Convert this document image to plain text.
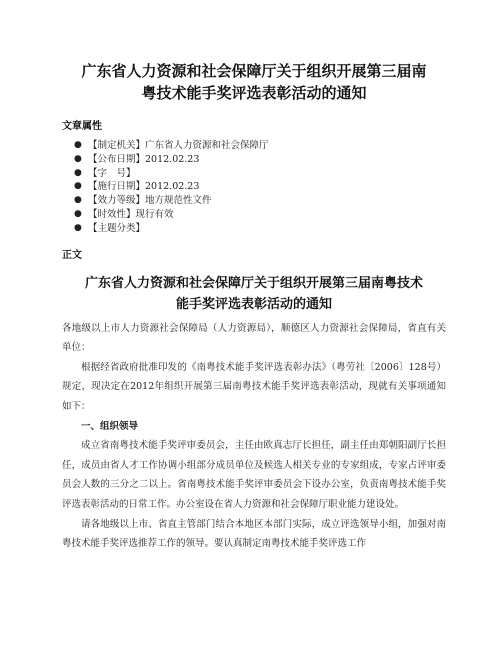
广东省人力资源和社会保障厅关于组织开展第三届南
粤技术能手奖评选表彰活动的通知

文章属性

● 【制定机关】广东省人力资源和社会保障厅
● 【公布日期】2012.02.23
● 【字　号】
● 【施行日期】2012.02.23
● 【效力等级】地方规范性文件
● 【时效性】现行有效
● 【主题分类】

正文

广东省人力资源和社会保障厅关于组织开展第三届南粤技术
能手奖评选表彰活动的通知

各地级以上市人力资源社会保障局（人力资源局），顺德区人力资源社会保障局，省直有关单位：

根据经省政府批准印发的《南粤技术能手奖评选表彰办法》（粤劳社〔2006〕128号）规定，现决定在2012年组织开展第三届南粤技术能手奖评选表彰活动，现就有关事项通知如下：

一、组织领导

成立省南粤技术能手奖评审委员会，主任由欧真志厅长担任，副主任由郑朝阳副厅长担任，成员由省人才工作协调小组部分成员单位及候选人相关专业的专家组成，专家占评审委员会人数的三分之二以上。省南粤技术能手奖评审委员会下设办公室，负责南粤技术能手奖评选表彰活动的日常工作。办公室设在省人力资源和社会保障厅职业能力建设处。

请各地级以上市、省直主管部门结合本地区本部门实际，成立评选领导小组，加强对南粤技术能手奖评选推荐工作的领导。要认真制定南粤技术能手奖评选工作
